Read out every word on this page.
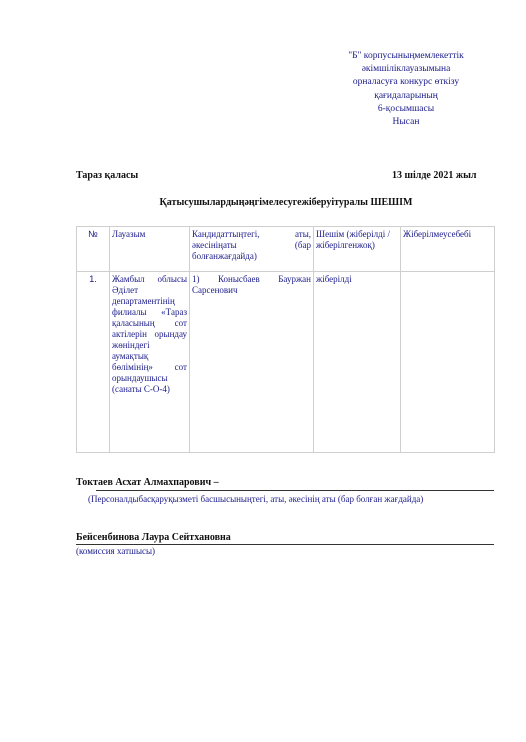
"Б" корпусыныңмемлекеттік
әкімшіліклауазымына
орналасуға конкурс өткізу
қағидаларының
6-қосымшасы
Нысан
Тараз қаласы	13 шілде 2021 жыл
Қатысушылардыңәңгімелесугежіберуітуралы ШЕШІМ
№	Лауазым	Кандидаттыңтегі, аты, әкесініңаты (бар болғанжағдайда)	Шешім (жіберілді / жіберілгенжоқ)	Жіберілмеусебебі
1.	Жамбыл облысы Әділет департаментінің филиалы «Тараз қаласының сот актілерін орындау жөніндегі аумақтық бөлімінің» сот орындаушысы (санаты С-О-4)	1) Конысбаев Бауржан Сарсенович	жіберілді	
Токтаев Асхат Алмахпарович –
(Персоналдыбасқаруқызметі басшысыныңтегі, аты, әкесінің аты (бар болған жағдайда)
Бейсенбинова Лаура Сейтхановна
(комиссия хатшысы)
